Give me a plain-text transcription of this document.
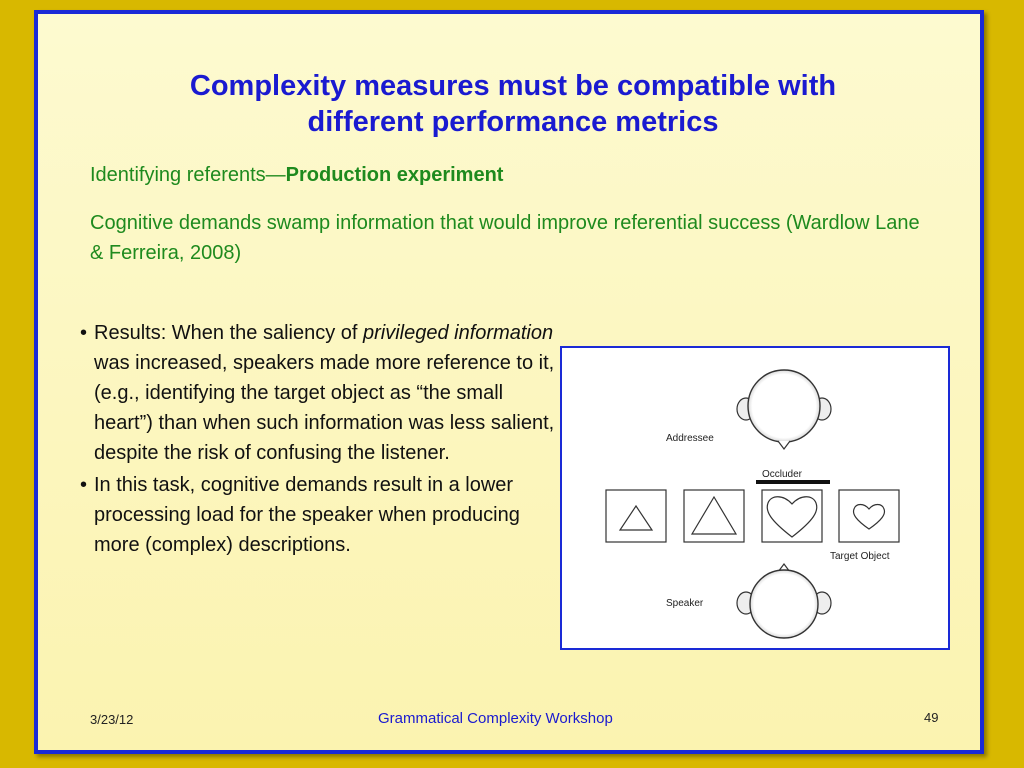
Complexity measures must be compatible with
different performance metrics
Identifying referents—Production experiment
Cognitive demands swamp information that would improve referential success (Wardlow Lane & Ferreira, 2008)
• Results: When the saliency of privileged information was increased, speakers made more reference to it, (e.g., identifying the target object as “the small heart”) than when such information was less salient, despite the risk of confusing the listener.
• In this task, cognitive demands result in a lower processing load for the speaker when producing more (complex) descriptions.
Addressee
Occluder
Target Object
Speaker
3/23/12	Grammatical Complexity Workshop	49
